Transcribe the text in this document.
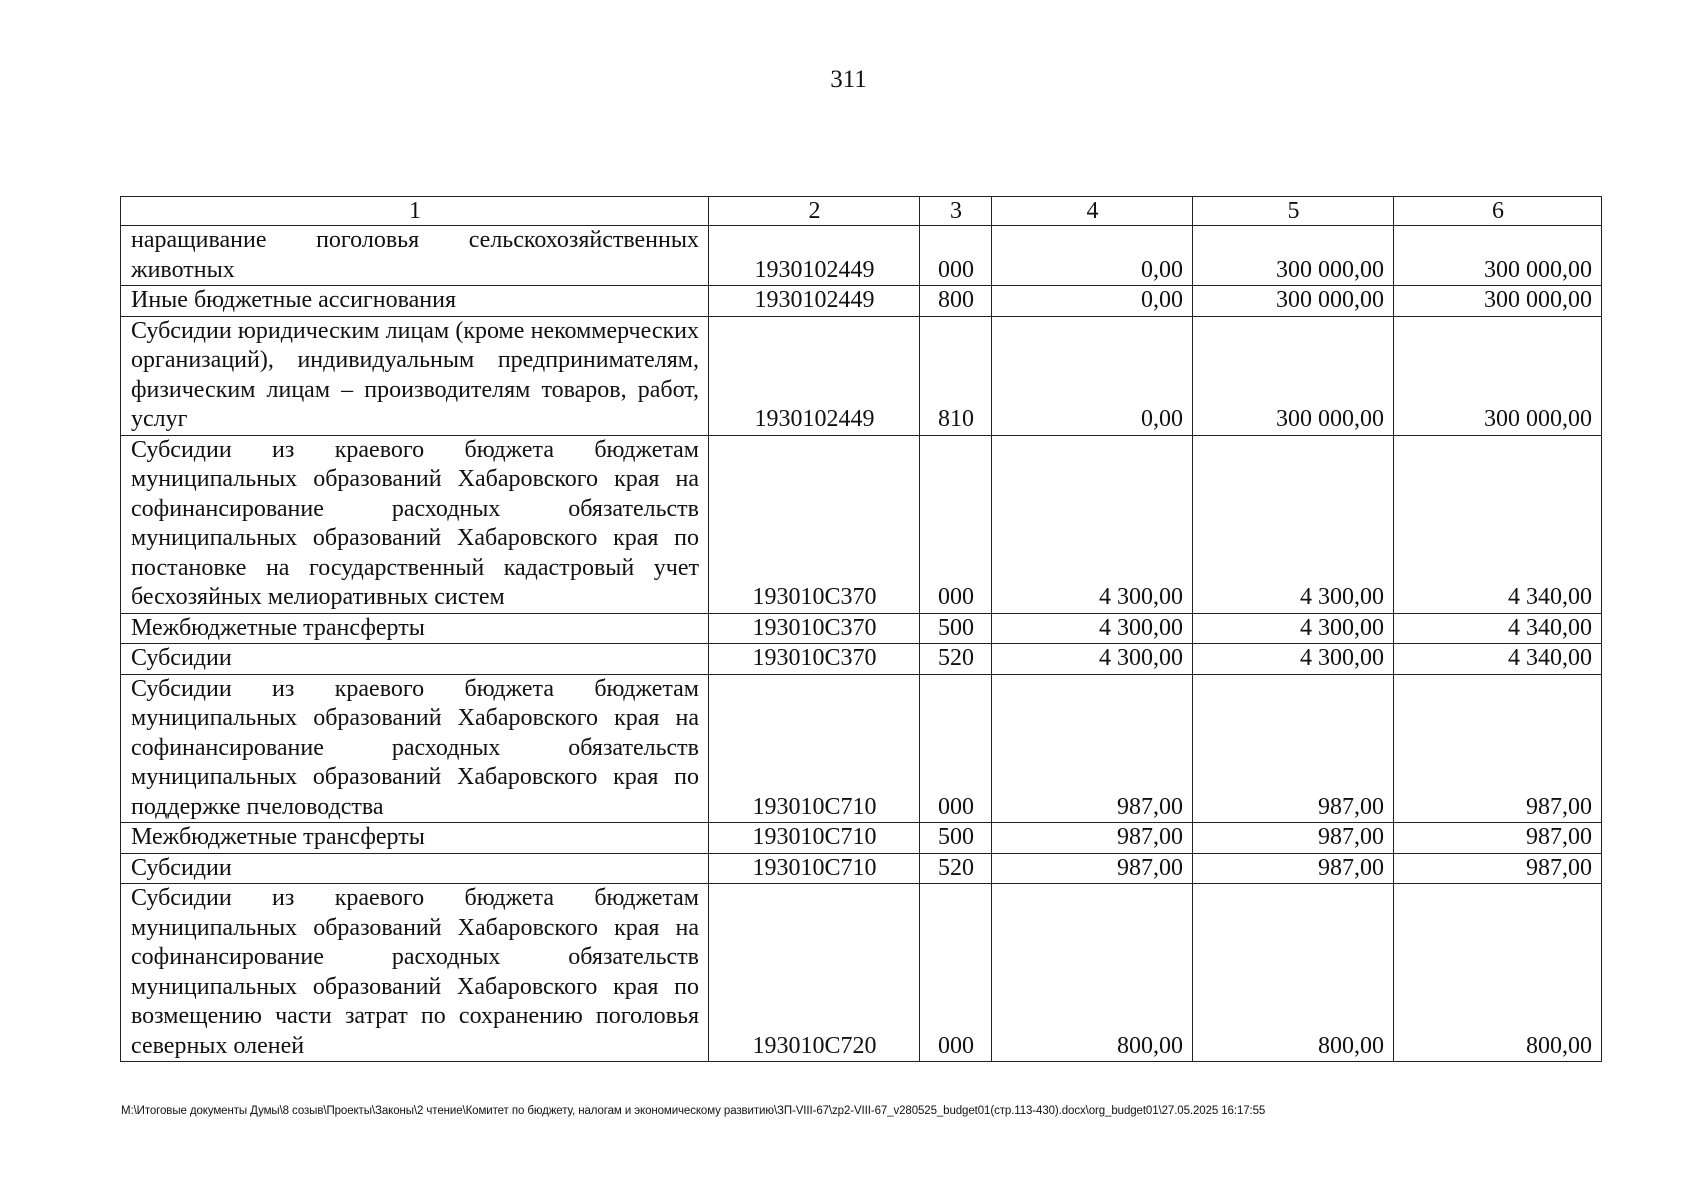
311
1	2	3	4	5	6
наращивание поголовья сельскохозяйственных животных	1930102449	000	0,00	300 000,00	300 000,00
Иные бюджетные ассигнования	1930102449	800	0,00	300 000,00	300 000,00
Субсидии юридическим лицам (кроме некоммерческих организаций), индивидуальным предпринимателям, физическим лицам – производителям товаров, работ, услуг	1930102449	810	0,00	300 000,00	300 000,00
Субсидии из краевого бюджета бюджетам муниципальных образований Хабаровского края на софинансирование расходных обязательств муниципальных образований Хабаровского края по постановке на государственный кадастровый учет бесхозяйных мелиоративных систем	193010С370	000	4 300,00	4 300,00	4 340,00
Межбюджетные трансферты	193010С370	500	4 300,00	4 300,00	4 340,00
Субсидии	193010С370	520	4 300,00	4 300,00	4 340,00
Субсидии из краевого бюджета бюджетам муниципальных образований Хабаровского края на софинансирование расходных обязательств муниципальных образований Хабаровского края по поддержке пчеловодства	193010С710	000	987,00	987,00	987,00
Межбюджетные трансферты	193010С710	500	987,00	987,00	987,00
Субсидии	193010С710	520	987,00	987,00	987,00
Субсидии из краевого бюджета бюджетам муниципальных образований Хабаровского края на софинансирование расходных обязательств муниципальных образований Хабаровского края по возмещению части затрат по сохранению поголовья северных оленей	193010С720	000	800,00	800,00	800,00
M:\Итоговые документы Думы\8 созыв\Проекты\Законы\2 чтение\Комитет по бюджету, налогам и экономическому развитию\ЗП-VIII-67\zp2-VIII-67_v280525_budget01(стр.113-430).docx\org_budget01\27.05.2025 16:17:55
